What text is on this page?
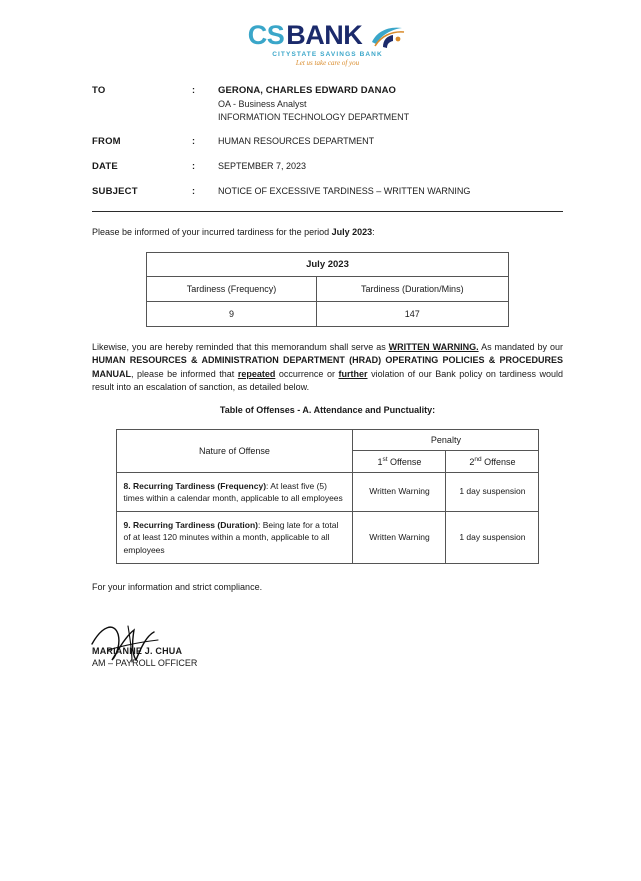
CS BANK
CITYSTATE SAVINGS BANK
Let us take care of you
TO	:	GERONA, CHARLES EDWARD DANAO
OA - Business Analyst
INFORMATION TECHNOLOGY DEPARTMENT
FROM	:	HUMAN RESOURCES DEPARTMENT
DATE	:	SEPTEMBER 7, 2023
SUBJECT	:	NOTICE OF EXCESSIVE TARDINESS – WRITTEN WARNING

Please be informed of your incurred tardiness for the period July 2023:

July 2023	
Tardiness (Frequency)	Tardiness (Duration/Mins)
9	147

Likewise, you are hereby reminded that this memorandum shall serve as WRITTEN WARNING. As mandated by our HUMAN RESOURCES & ADMINISTRATION DEPARTMENT (HRAD) OPERATING POLICIES & PROCEDURES MANUAL, please be informed that repeated occurrence or further violation of our Bank policy on tardiness would result into an escalation of sanction, as detailed below.

Table of Offenses - A. Attendance and Punctuality:
Nature of Offense	Penalty	
	1st Offense	2nd Offense
8. Recurring Tardiness (Frequency): At least five (5) times within a calendar month, applicable to all employees	Written Warning	1 day suspension
9. Recurring Tardiness (Duration): Being late for a total of at least 120 minutes within a month, applicable to all employees	Written Warning	1 day suspension

For your information and strict compliance.

MARIANNE J. CHUA
AM – PAYROLL OFFICER
